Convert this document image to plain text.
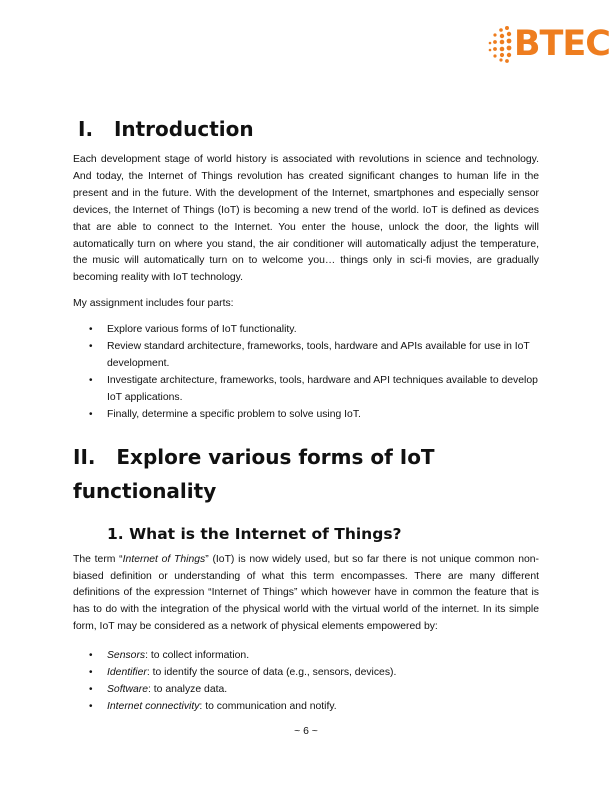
BTEC
I. Introduction

Each development stage of world history is associated with revolutions in science and technology. And today, the Internet of Things revolution has created significant changes to human life in the present and in the future. With the development of the Internet, smartphones and especially sensor devices, the Internet of Things (IoT) is becoming a new trend of the world. IoT is defined as devices that are able to connect to the Internet. You enter the house, unlock the door, the lights will automatically turn on where you stand, the air conditioner will automatically adjust the temperature, the music will automatically turn on to welcome you… things only in sci-fi movies, are gradually becoming reality with IoT technology.

My assignment includes four parts:

• Explore various forms of IoT functionality.
• Review standard architecture, frameworks, tools, hardware and APIs available for use in IoT development.
• Investigate architecture, frameworks, tools, hardware and API techniques available to develop IoT applications.
• Finally, determine a specific problem to solve using IoT.
II. Explore various forms of IoT functionality
1. What is the Internet of Things?

The term “Internet of Things” (IoT) is now widely used, but so far there is not unique common non-biased definition or understanding of what this term encompasses. There are many different definitions of the expression “Internet of Things” which however have in common the feature that is has to do with the integration of the physical world with the virtual world of the internet. In its simple form, IoT may be considered as a network of physical elements empowered by:

• Sensors: to collect information.
• Identifier: to identify the source of data (e.g., sensors, devices).
• Software: to analyze data.
• Internet connectivity: to communication and notify.
~ 6 ~
